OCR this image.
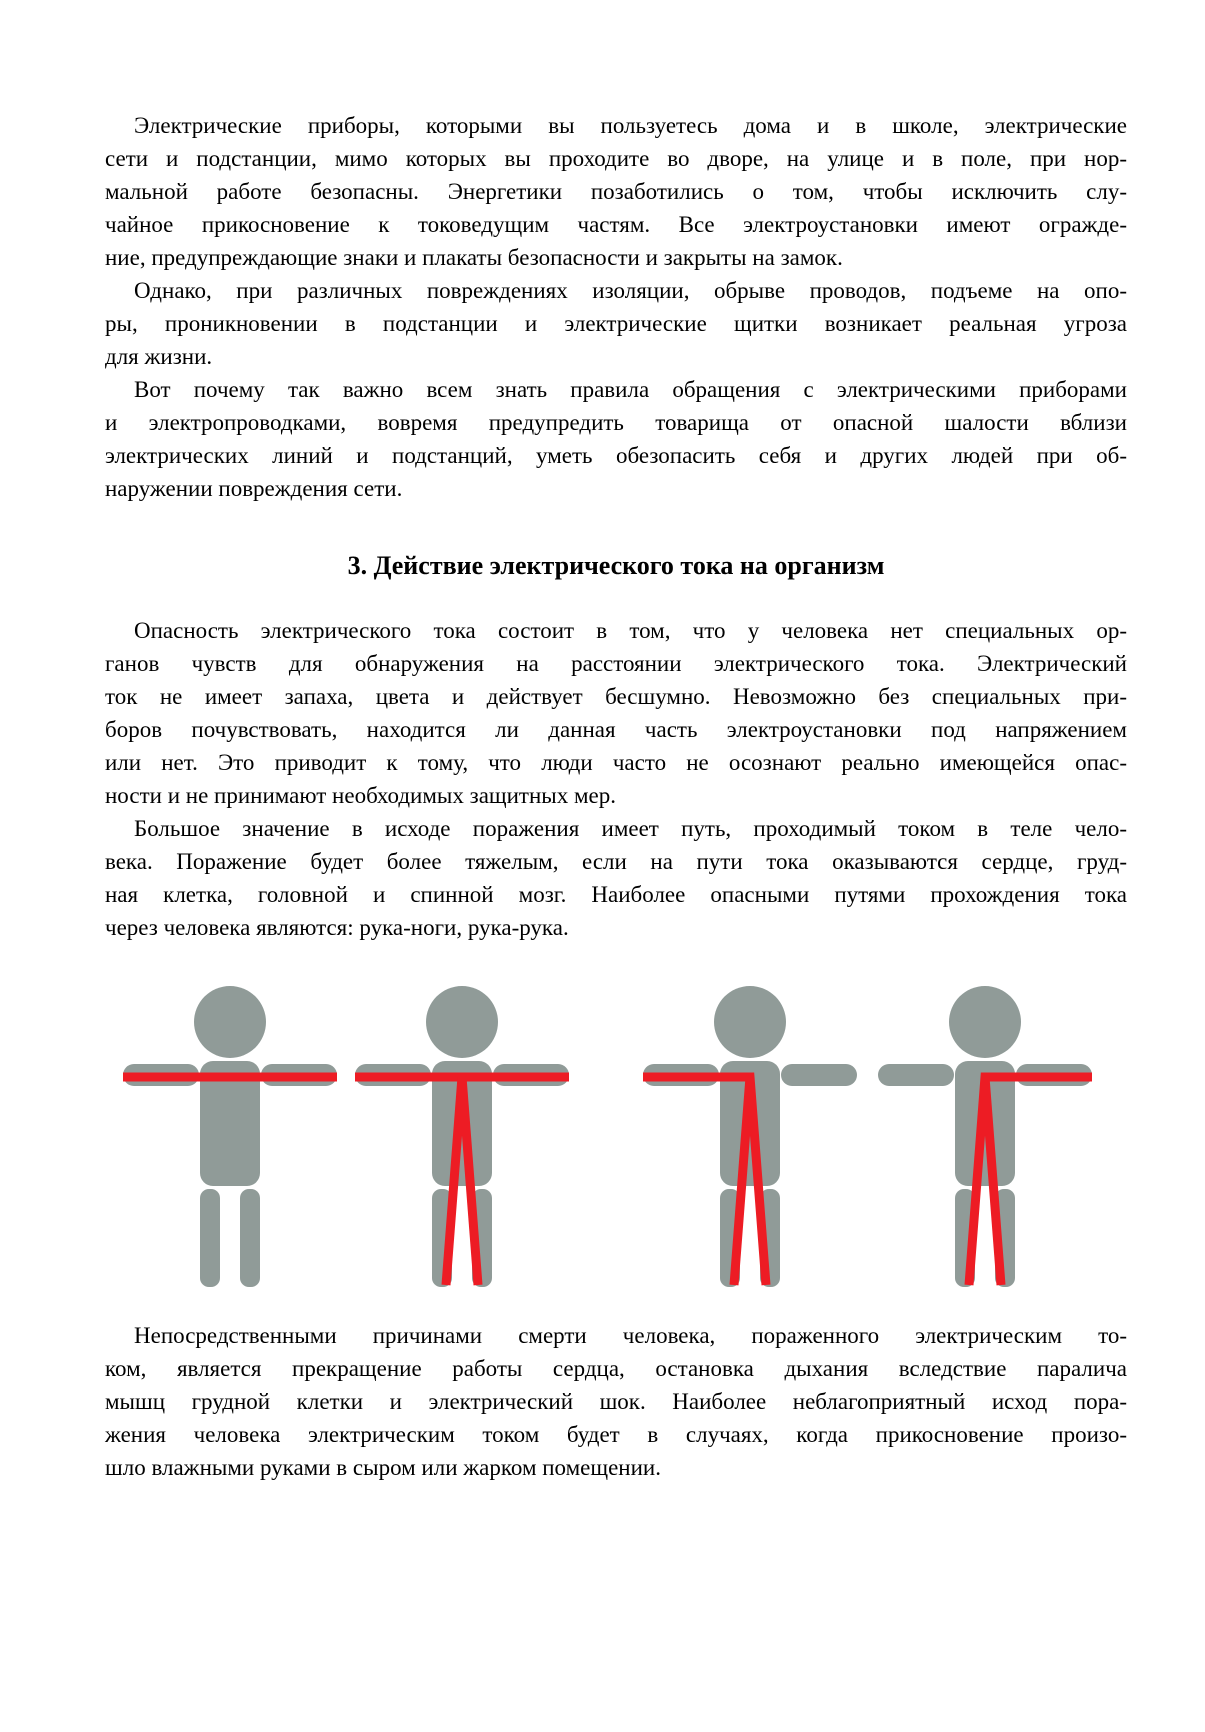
Электрические приборы, которыми вы пользуетесь дома и в школе, электрические
сети и подстанции, мимо которых вы проходите во дворе, на улице и в поле, при нор-
мальной работе безопасны. Энергетики позаботились о том, чтобы исключить слу-
чайное прикосновение к токоведущим частям. Все электроустановки имеют огражде-
ние, предупреждающие знаки и плакаты безопасности и закрыты на замок.

Однако, при различных повреждениях изоляции, обрыве проводов, подъеме на опо-
ры, проникновении в подстанции и электрические щитки возникает реальная угроза
для жизни.

Вот почему так важно всем знать правила обращения с электрическими приборами
и электропроводками, вовремя предупредить товарища от опасной шалости вблизи
электрических линий и подстанций, уметь обезопасить себя и других людей при об-
наружении повреждения сети.

3. Действие электрического тока на организм

Опасность электрического тока состоит в том, что у человека нет специальных ор-
ганов чувств для обнаружения на расстоянии электрического тока. Электрический
ток не имеет запаха, цвета и действует бесшумно. Невозможно без специальных при-
боров почувствовать, находится ли данная часть электроустановки под напряжением
или нет. Это приводит к тому, что люди часто не осознают реально имеющейся опас-
ности и не принимают необходимых защитных мер.

Большое значение в исходе поражения имеет путь, проходимый током в теле чело-
века. Поражение будет более тяжелым, если на пути тока оказываются сердце, груд-
ная клетка, головной и спинной мозг. Наиболее опасными путями прохождения тока
через человека являются: рука-ноги, рука-рука.

Непосредственными причинами смерти человека, пораженного электрическим то-
ком, является прекращение работы сердца, остановка дыхания вследствие паралича
мышц грудной клетки и электрический шок. Наиболее неблагоприятный исход пора-
жения человека электрическим током будет в случаях, когда прикосновение произо-
шло влажными руками в сыром или жарком помещении.
